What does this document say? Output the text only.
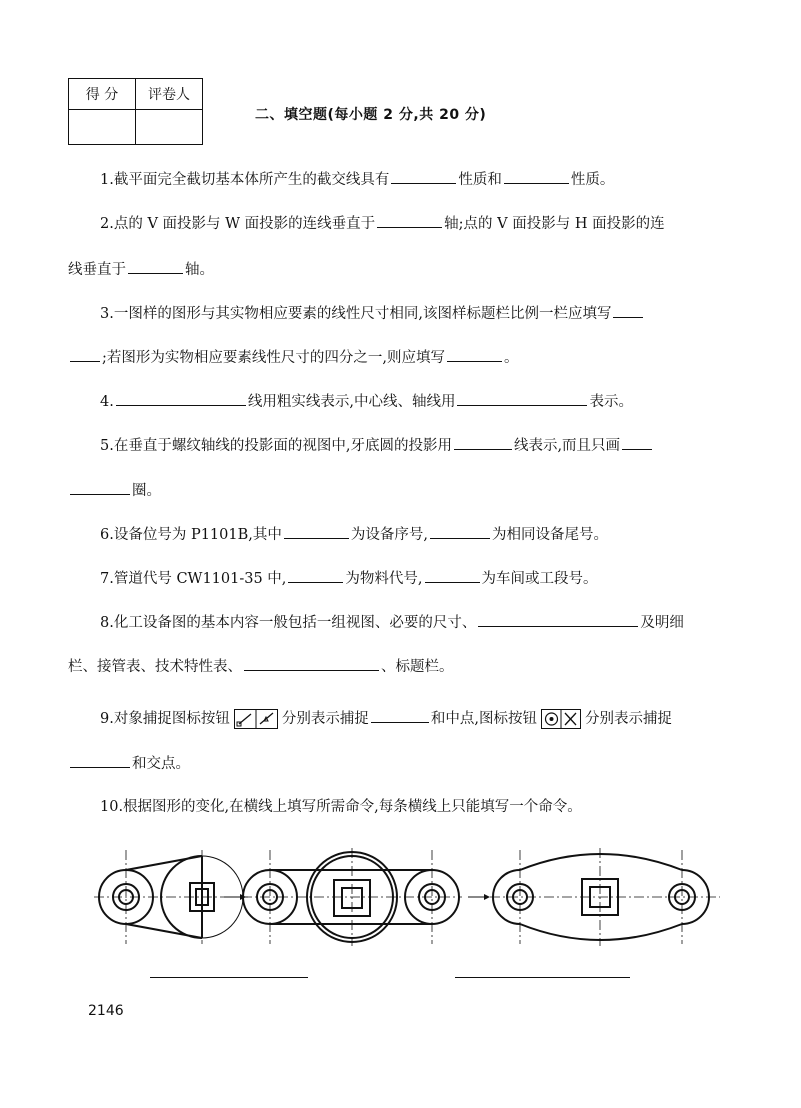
得 分	评卷人

二、填空题(每小题 2 分,共 20 分)
1.截平面完全截切基本体所产生的截交线具有	性质和	性质。
2.点的 V 面投影与 W 面投影的连线垂直于	轴;点的 V 面投影与 H 面投影的连
线垂直于	轴。
3.一图样的图形与其实物相应要素的线性尺寸相同,该图样标题栏比例一栏应填写
;若图形为实物相应要素线性尺寸的四分之一,则应填写	。
4.	线用粗实线表示,中心线、轴线用	表示。
5.在垂直于螺纹轴线的投影面的视图中,牙底圆的投影用	线表示,而且只画
圈。
6.设备位号为 P1101B,其中	为设备序号,	为相同设备尾号。
7.管道代号 CW1101-35 中,	为物料代号,	为车间或工段号。
8.化工设备图的基本内容一般包括一组视图、必要的尺寸、	及明细
栏、接管表、技术特性表、	、标题栏。
9.对象捕捉图标按钮	分别表示捕捉	和中点,图标按钮	分别表示捕捉
和交点。
10.根据图形的变化,在横线上填写所需命令,每条横线上只能填写一个命令。
2146
